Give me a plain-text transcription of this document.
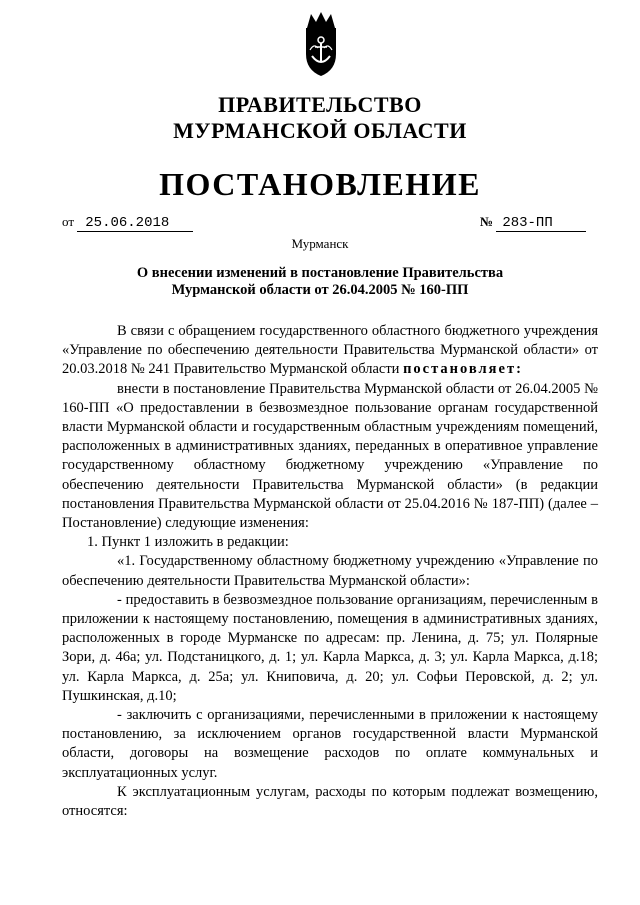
ПРАВИТЕЛЬСТВО
МУРМАНСКОЙ ОБЛАСТИ
ПОСТАНОВЛЕНИЕ
от 25.06.2018	№ 283-ПП
Мурманск
О внесении изменений в постановление Правительства
Мурманской области от 26.04.2005 № 160-ПП

В связи с обращением государственного областного бюджетного учреждения «Управление по обеспечению деятельности Правительства Мурманской области» от 20.03.2018 № 241 Правительство Мурманской области постановляет:

внести в постановление Правительства Мурманской области от 26.04.2005 № 160-ПП «О предоставлении в безвозмездное пользование органам государственной власти Мурманской области и государственным областным учреждениям помещений, расположенных в административных зданиях, переданных в оперативное управление государственному областному бюджетному учреждению «Управление по обеспечению деятельности Правительства Мурманской области» (в редакции постановления Правительства Мурманской области от 25.04.2016 № 187-ПП) (далее – Постановление) следующие изменения:

1. Пункт 1 изложить в редакции:

«1. Государственному областному бюджетному учреждению «Управление по обеспечению деятельности Правительства Мурманской области»:

- предоставить в безвозмездное пользование организациям, перечисленным в приложении к настоящему постановлению, помещения в административных зданиях, расположенных в городе Мурманске по адресам: пр. Ленина, д. 75; ул. Полярные Зори, д. 46а; ул. Подстаницкого, д. 1; ул. Карла Маркса, д. 3; ул. Карла Маркса, д.18; ул. Карла Маркса, д. 25а; ул. Книповича, д. 20; ул. Софьи Перовской, д. 2; ул. Пушкинская, д.10;

- заключить с организациями, перечисленными в приложении к настоящему постановлению, за исключением органов государственной власти Мурманской области, договоры на возмещение расходов по оплате коммунальных и эксплуатационных услуг.

К эксплуатационным услугам, расходы по которым подлежат возмещению, относятся:
